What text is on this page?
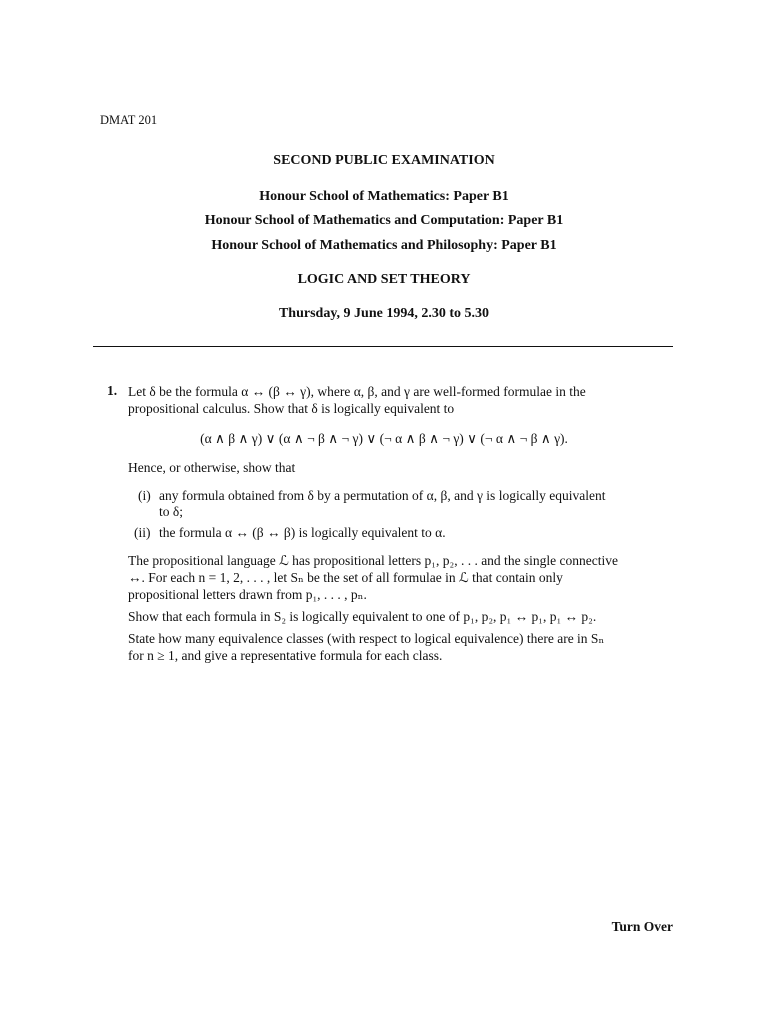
DMAT 201
SECOND PUBLIC EXAMINATION
Honour School of Mathematics: Paper B1
Honour School of Mathematics and Computation: Paper B1
Honour School of Mathematics and Philosophy: Paper B1
LOGIC AND SET THEORY
Thursday, 9 June 1994, 2.30 to 5.30
1. Let δ be the formula α ↔ (β ↔ γ), where α, β, and γ are well-formed formulae in the
propositional calculus. Show that δ is logically equivalent to
(α ∧ β ∧ γ) ∨ (α ∧ ¬ β ∧ ¬ γ) ∨ (¬ α ∧ β ∧ ¬ γ) ∨ (¬ α ∧ ¬ β ∧ γ).
Hence, or otherwise, show that
(i) any formula obtained from δ by a permutation of α, β, and γ is logically equivalent
to δ;
(ii) the formula α ↔ (β ↔ β) is logically equivalent to α.
The propositional language ℒ has propositional letters p₁, p₂, . . . and the single connective
↔. For each n = 1, 2, . . . , let Sₙ be the set of all formulae in ℒ that contain only
propositional letters drawn from p₁, . . . , pₙ.
Show that each formula in S₂ is logically equivalent to one of p₁, p₂, p₁ ↔ p₁, p₁ ↔ p₂.
State how many equivalence classes (with respect to logical equivalence) there are in Sₙ
for n ≥ 1, and give a representative formula for each class.
Turn Over
